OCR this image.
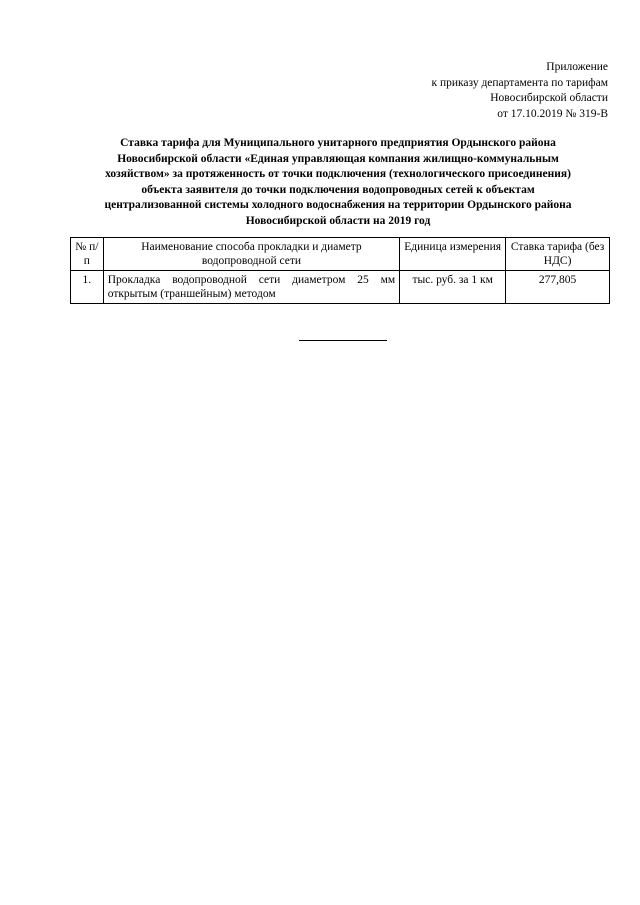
Приложение
к приказу департамента по тарифам
Новосибирской области
от 17.10.2019 № 319-В
Ставка тарифа для Муниципального унитарного предприятия Ордынского района
Новосибирской области «Единая управляющая компания жилищно-коммунальным
хозяйством» за протяженность от точки подключения (технологического присоединения)
объекта заявителя до точки подключения водопроводных сетей к объектам
централизованной системы холодного водоснабжения на территории Ордынского района
Новосибирской области на 2019 год
№ п/п	Наименование способа прокладки и диаметр водопроводной сети	Единица измерения	Ставка тарифа (без НДС)
1.	Прокладка водопроводной сети диаметром 25 мм открытым (траншейным) методом	тыс. руб. за 1 км	277,805
